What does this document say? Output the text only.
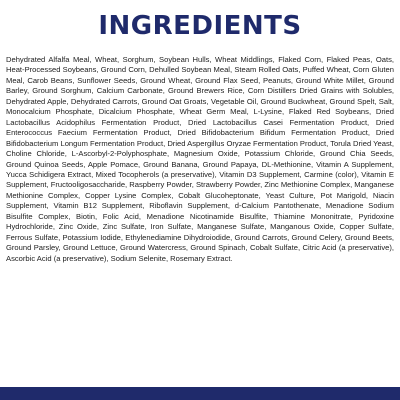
INGREDIENTS

Dehydrated Alfalfa Meal, Wheat, Sorghum, Soybean Hulls, Wheat Middlings, Flaked Corn, Flaked Peas, Oats, Heat-Processed Soybeans, Ground Corn, Dehulled Soybean Meal, Steam Rolled Oats, Puffed Wheat, Corn Gluten Meal, Carob Beans, Sunflower Seeds, Ground Wheat, Ground Flax Seed, Peanuts, Ground White Millet, Ground Barley, Ground Sorghum, Calcium Carbonate, Ground Brewers Rice, Corn Distillers Dried Grains with Solubles, Dehydrated Apple, Dehydrated Carrots, Ground Oat Groats, Vegetable Oil, Ground Buckwheat, Ground Spelt, Salt, Monocalcium Phosphate, Dicalcium Phosphate, Wheat Germ Meal, L-Lysine, Flaked Red Soybeans, Dried Lactobacillus Acidophilus Fermentation Product, Dried Lactobacillus Casei Fermentation Product, Dried Enterococcus Faecium Fermentation Product, Dried Bifidobacterium Bifidum Fermentation Product, Dried Bifidobacterium Longum Fermentation Product, Dried Aspergillus Oryzae Fermentation Product, Torula Dried Yeast, Choline Chloride, L-Ascorbyl-2-Polyphosphate, Magnesium Oxide, Potassium Chloride, Ground Chia Seeds, Ground Quinoa Seeds, Apple Pomace, Ground Banana, Ground Papaya, DL-Methionine, Vitamin A Supplement, Yucca Schidigera Extract, Mixed Tocopherols (a preservative), Vitamin D3 Supplement, Carmine (color), Vitamin E Supplement, Fructooligosaccharide, Raspberry Powder, Strawberry Powder, Zinc Methionine Complex, Manganese Methionine Complex, Copper Lysine Complex, Cobalt Glucoheptonate, Yeast Culture, Pot Marigold, Niacin Supplement, Vitamin B12 Supplement, Riboflavin Supplement, d-Calcium Pantothenate, Menadione Sodium Bisulfite Complex, Biotin, Folic Acid, Menadione Nicotinamide Bisulfite, Thiamine Mononitrate, Pyridoxine Hydrochloride, Zinc Oxide, Zinc Sulfate, Iron Sulfate, Manganese Sulfate, Manganous Oxide, Copper Sulfate, Ferrous Sulfate, Potassium Iodide, Ethylenediamine Dihydroiodide, Ground Carrots, Ground Celery, Ground Beets, Ground Parsley, Ground Lettuce, Ground Watercress, Ground Spinach, Cobalt Sulfate, Citric Acid (a preservative), Ascorbic Acid (a preservative), Sodium Selenite, Rosemary Extract.
